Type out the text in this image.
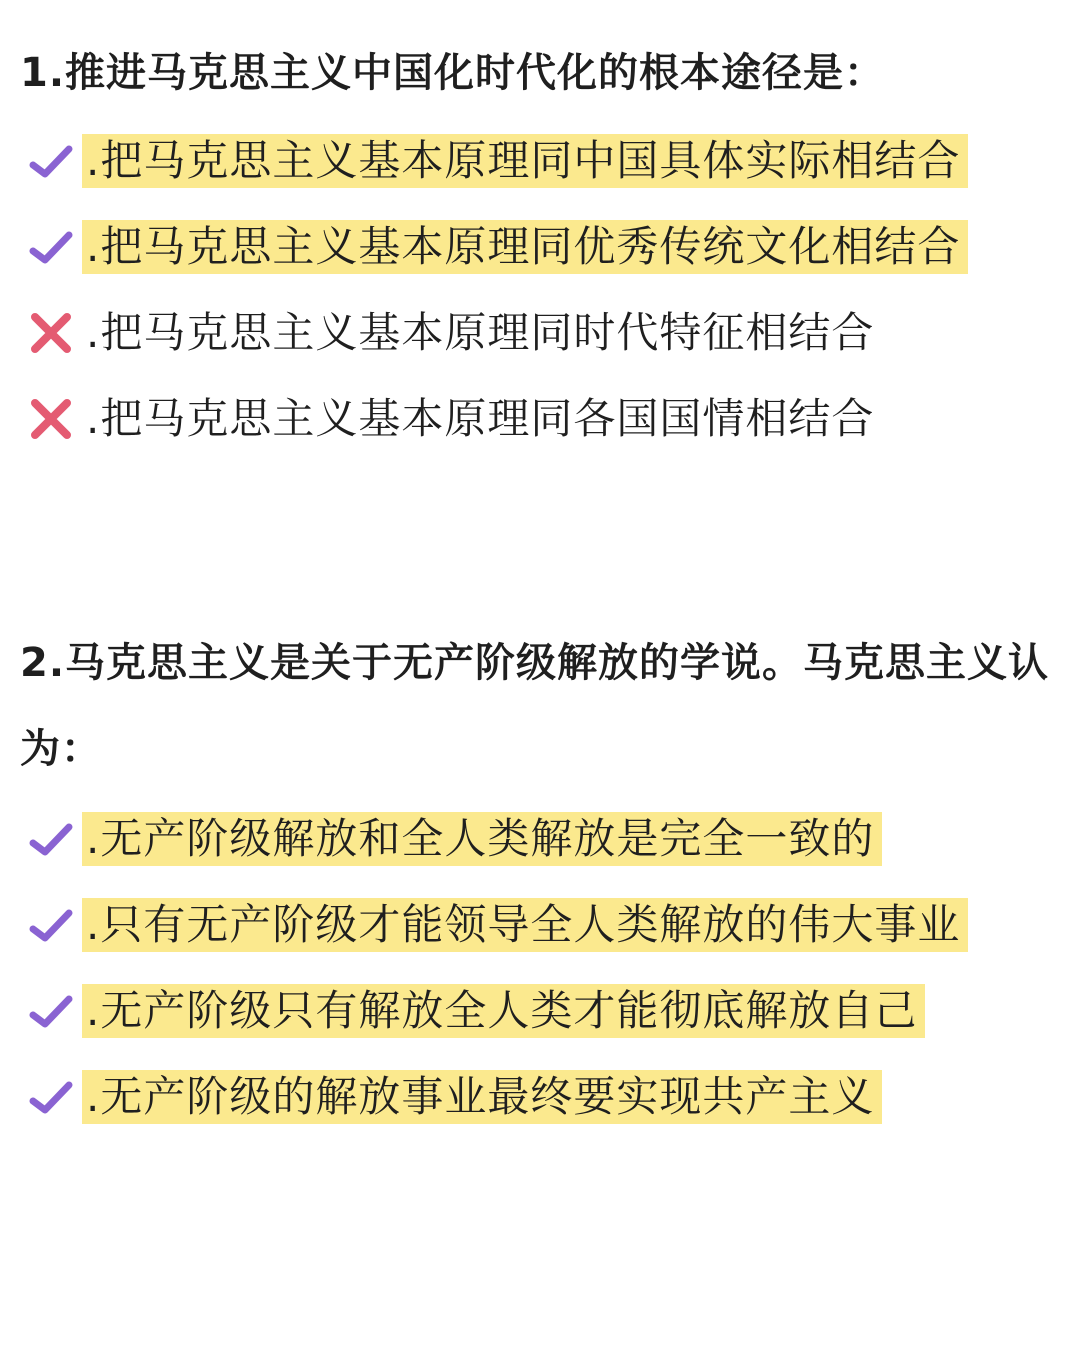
1.推进马克思主义中国化时代化的根本途径是：
.把马克思主义基本原理同中国具体实际相结合
.把马克思主义基本原理同优秀传统文化相结合
.把马克思主义基本原理同时代特征相结合
.把马克思主义基本原理同各国国情相结合
2.马克思主义是关于无产阶级解放的学说。马克思主义认为：
.无产阶级解放和全人类解放是完全一致的
.只有无产阶级才能领导全人类解放的伟大事业
.无产阶级只有解放全人类才能彻底解放自己
.无产阶级的解放事业最终要实现共产主义
